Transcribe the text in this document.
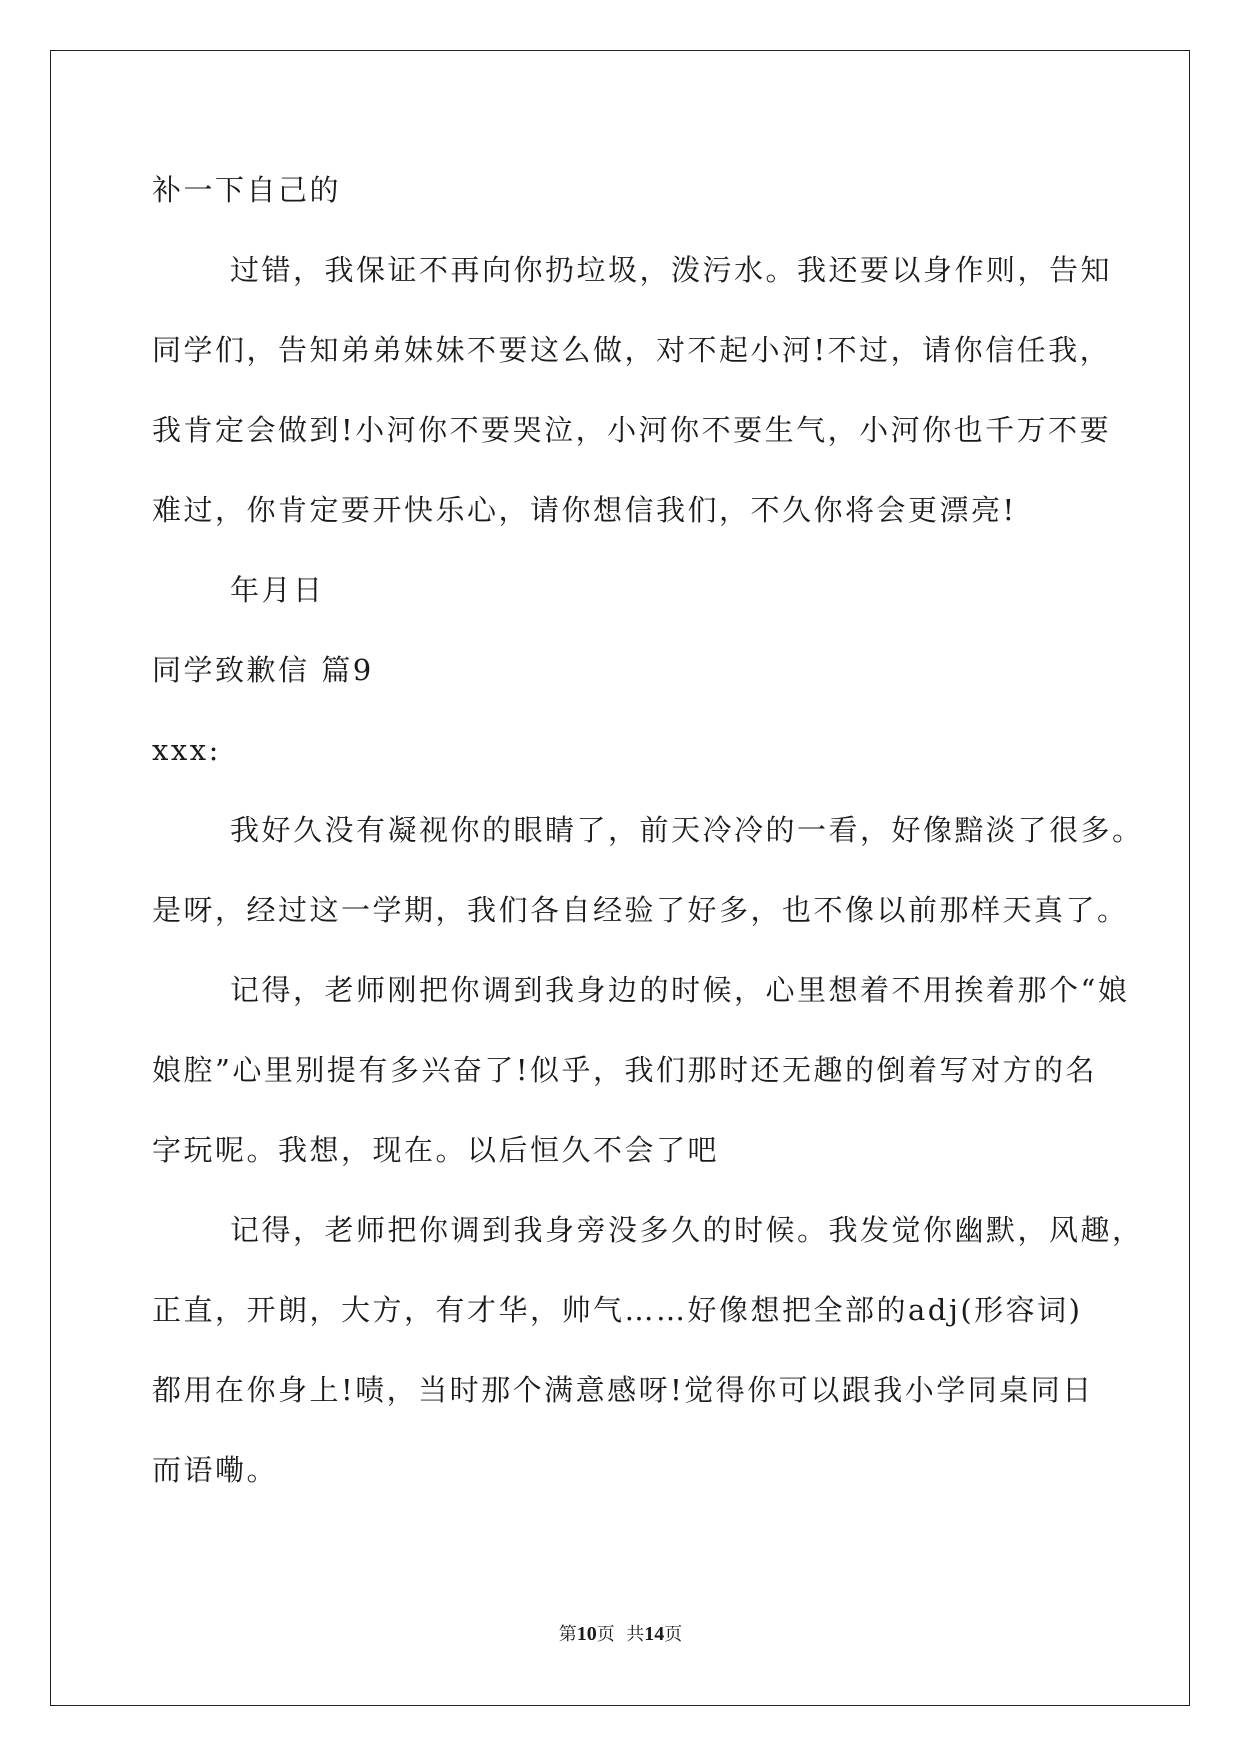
补一下自己的
过错，我保证不再向你扔垃圾，泼污水。我还要以身作则，告知
同学们，告知弟弟妹妹不要这么做，对不起小河!不过，请你信任我，
我肯定会做到!小河你不要哭泣，小河你不要生气，小河你也千万不要
难过，你肯定要开快乐心，请你想信我们，不久你将会更漂亮!
年月日
同学致歉信 篇9
xxx:
我好久没有凝视你的眼睛了，前天冷冷的一看，好像黯淡了很多。
是呀，经过这一学期，我们各自经验了好多，也不像以前那样天真了。
记得，老师刚把你调到我身边的时候，心里想着不用挨着那个“娘
娘腔”心里别提有多兴奋了!似乎，我们那时还无趣的倒着写对方的名
字玩呢。我想，现在。以后恒久不会了吧
记得，老师把你调到我身旁没多久的时候。我发觉你幽默，风趣，
正直，开朗，大方，有才华，帅气……好像想把全部的adj(形容词)
都用在你身上!啧，当时那个满意感呀!觉得你可以跟我小学同桌同日
而语嘞。
第10页  共14页
